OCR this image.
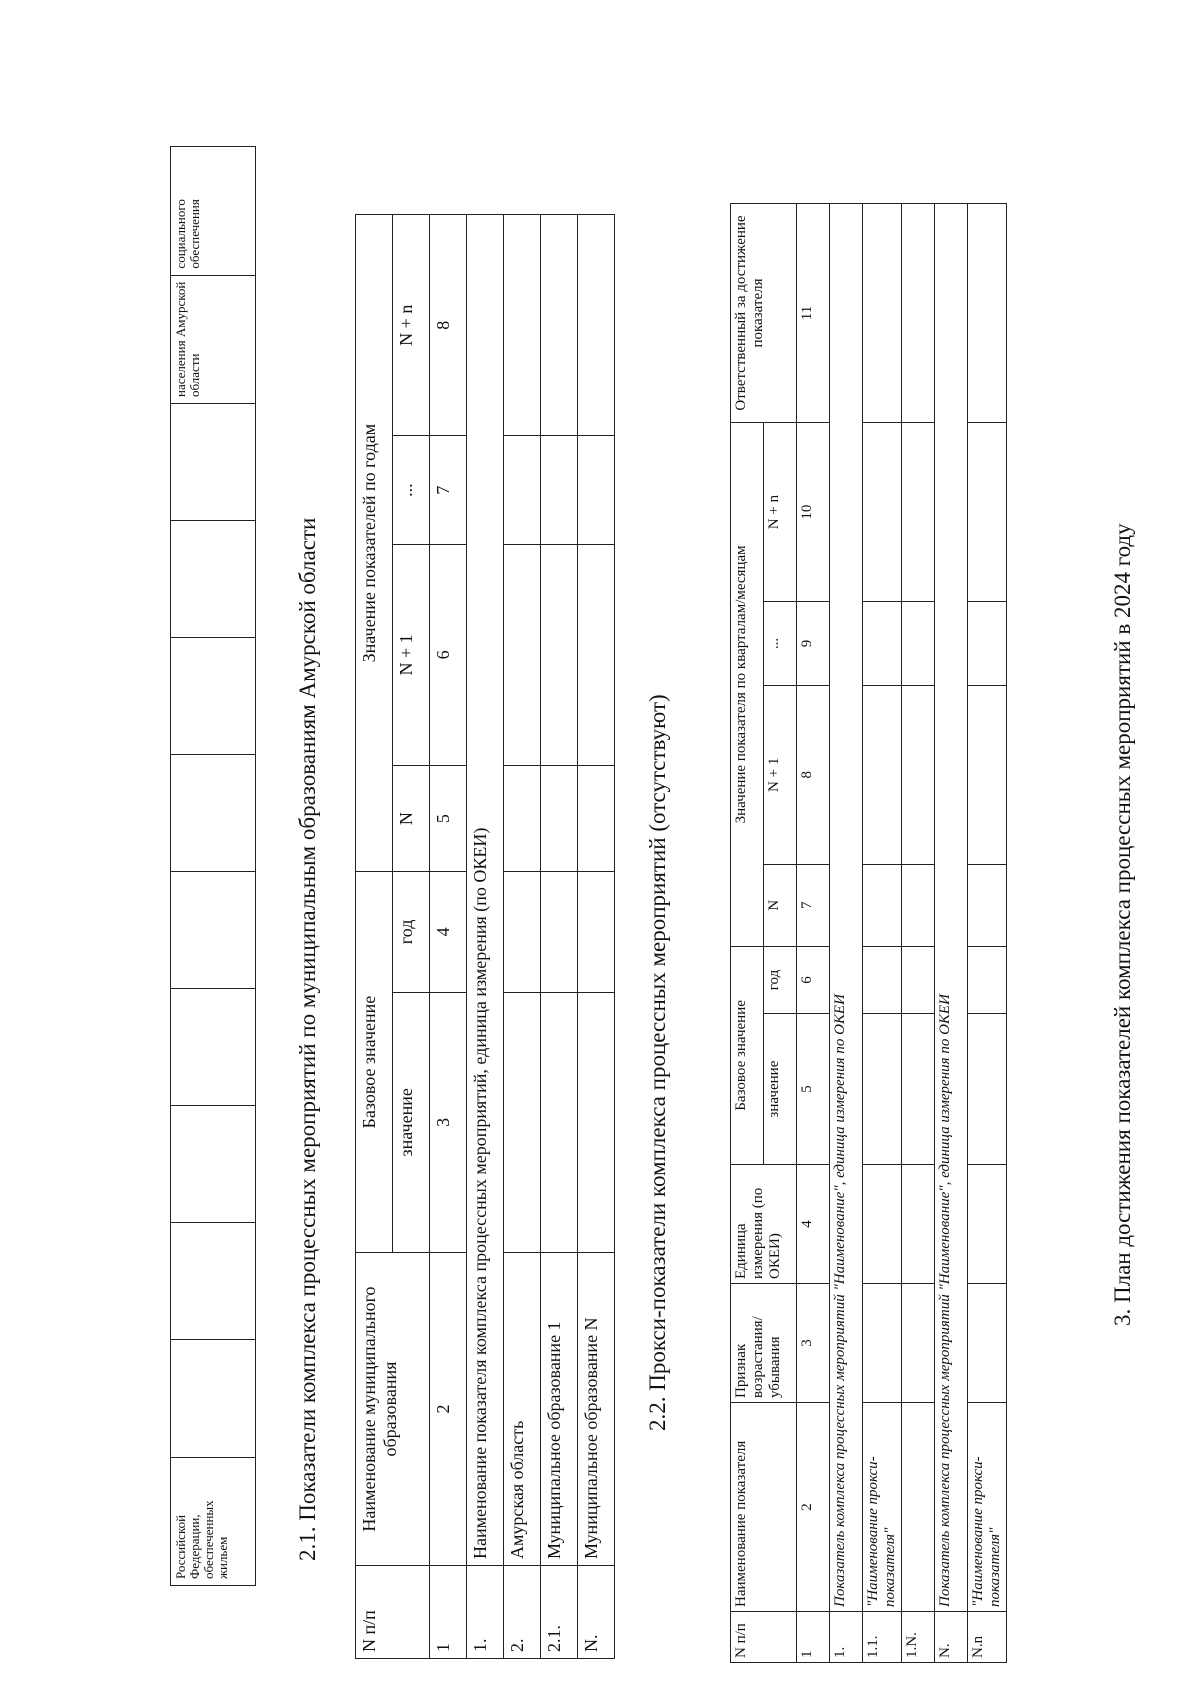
Российской Федерации, обеспеченных жильем										населения Амурской области	социального обеспечения
2.1. Показатели комплекса процессных мероприятий по муниципальным образованиям Амурской области
N п/п	Наименование муниципального образования	Базовое значение		Значение показателей по годам			
		значение	год	N	N + 1	...	N + n
1	2	3	4	5	6	7	8
1.	Наименование показателя комплекса процессных мероприятий, единица измерения (по ОКЕИ)						
2.	Амурская область						
2.1.	Муниципальное образование 1						
N.	Муниципальное образование N						
2.2. Прокси-показатели комплекса процессных мероприятий (отсутствуют)
N п/п	Наименование показателя	Признак возрастания/ убывания	Единица измерения (по ОКЕИ)	Базовое значение		Значение показателя по кварталам/месяцам				Ответственный за достижение показателя
				значение	год	N	N + 1	...	N + n	
1	2	3	4	5	6	7	8	9	10	11
1.	Показатель комплекса процессных мероприятий "Наименование", единица измерения по ОКЕИ									
1.1.	"Наименование прокси-показателя"									
1.N.										
N.	Показатель комплекса процессных мероприятий "Наименование", единица измерения по ОКЕИ									
N.n	"Наименование прокси-показателя"									
3. План достижения показателей комплекса процессных мероприятий в 2024 году
